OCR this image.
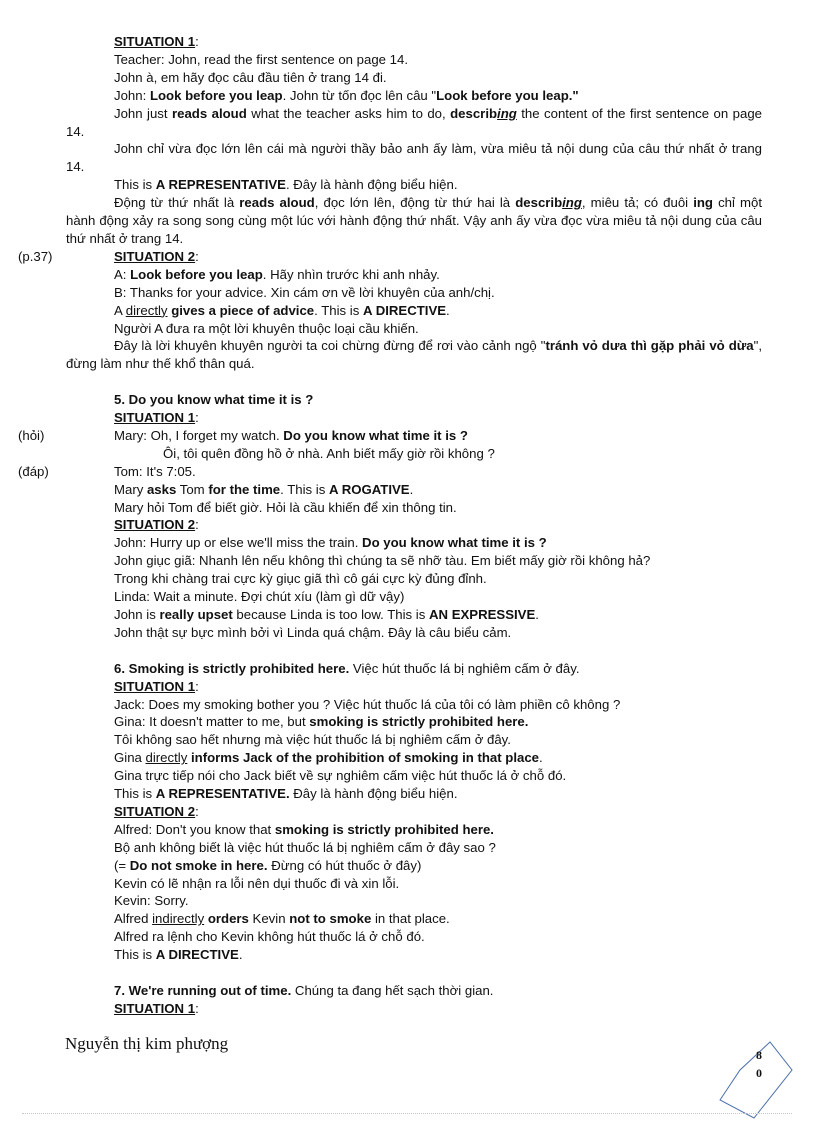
SITUATION 1:

Teacher: John, read the first sentence on page 14.

John à, em hãy đọc câu đầu tiên ở trang 14 đi.

John: Look before you leap. John từ tốn đọc lên câu "Look before you leap."

John just reads aloud what the teacher asks him to do, describing the content of the first sentence on page 14.

John chỉ vừa đọc lớn lên cái mà người thầy bảo anh ấy làm, vừa miêu tả nội dung của câu thứ nhất ở trang 14.

This is A REPRESENTATIVE. Đây là hành động biểu hiện.

Động từ thứ nhất là reads aloud, đọc lớn lên, động từ thứ hai là describing, miêu tả; có đuôi ing chỉ một hành động xảy ra song song cùng một lúc với hành động thứ nhất. Vậy anh ấy vừa đọc vừa miêu tả nội dung của câu thứ nhất ở trang 14.

(p.37)	SITUATION 2:

A: Look before you leap. Hãy nhìn trước khi anh nhảy.

B: Thanks for your advice. Xin cám ơn về lời khuyên của anh/chị.

A directly gives a piece of advice. This is A DIRECTIVE.

Người A đưa ra một lời khuyên thuộc loại cầu khiến.

Đây là lời khuyên khuyên người ta coi chừng đừng để rơi vào cảnh ngộ "tránh vỏ dưa thì gặp phải vỏ dừa", đừng làm như thế khổ thân quá.

5. Do you know what time it is ?

SITUATION 1:

(hỏi)	Mary: Oh, I forget my watch. Do you know what time it is ?

Ôi, tôi quên đồng hồ ở nhà. Anh biết mấy giờ rồi không ?

(đáp)	Tom: It's 7:05.

Mary asks Tom for the time. This is A ROGATIVE.

Mary hỏi Tom để biết giờ. Hỏi là cầu khiến để xin thông tin.

SITUATION 2:

John: Hurry up or else we'll miss the train. Do you know what time it is ?

John giục giã: Nhanh lên nếu không thì chúng ta sẽ nhỡ tàu. Em biết mấy giờ rồi không hả?

Trong khi chàng trai cực kỳ giục giã thì cô gái cực kỳ đủng đỉnh.

Linda: Wait a minute. Đợi chút xíu (làm gì dữ vậy)

John is really upset because Linda is too low. This is AN EXPRESSIVE.

John thật sự bực mình bởi vì Linda quá chậm. Đây là câu biểu cảm.

6. Smoking is strictly prohibited here. Việc hút thuốc lá bị nghiêm cấm ở đây.

SITUATION 1:

Jack: Does my smoking bother you ? Việc hút thuốc lá của tôi có làm phiền cô không ?

Gina: It doesn't matter to me, but smoking is strictly prohibited here.

Tôi không sao hết nhưng mà việc hút thuốc lá bị nghiêm cấm ở đây.

Gina directly informs Jack of the prohibition of smoking in that place.

Gina trực tiếp nói cho Jack biết về sự nghiêm cấm việc hút thuốc lá ở chỗ đó.

This is A REPRESENTATIVE. Đây là hành động biểu hiện.

SITUATION 2:

Alfred: Don't you know that smoking is strictly prohibited here.

Bộ anh không biết là việc hút thuốc lá bị nghiêm cấm ở đây sao ?

(= Do not smoke in here. Đừng có hút thuốc ở đây)

Kevin có lẽ nhận ra lỗi nên dụi thuốc đi và xin lỗi.

Kevin: Sorry.

Alfred indirectly orders Kevin not to smoke in that place.

Alfred ra lệnh cho Kevin không hút thuốc lá ở chỗ đó.

This is A DIRECTIVE.

7. We're running out of time. Chúng ta đang hết sạch thời gian.

SITUATION 1:

Nguyễn thị kim phượng
8
0
